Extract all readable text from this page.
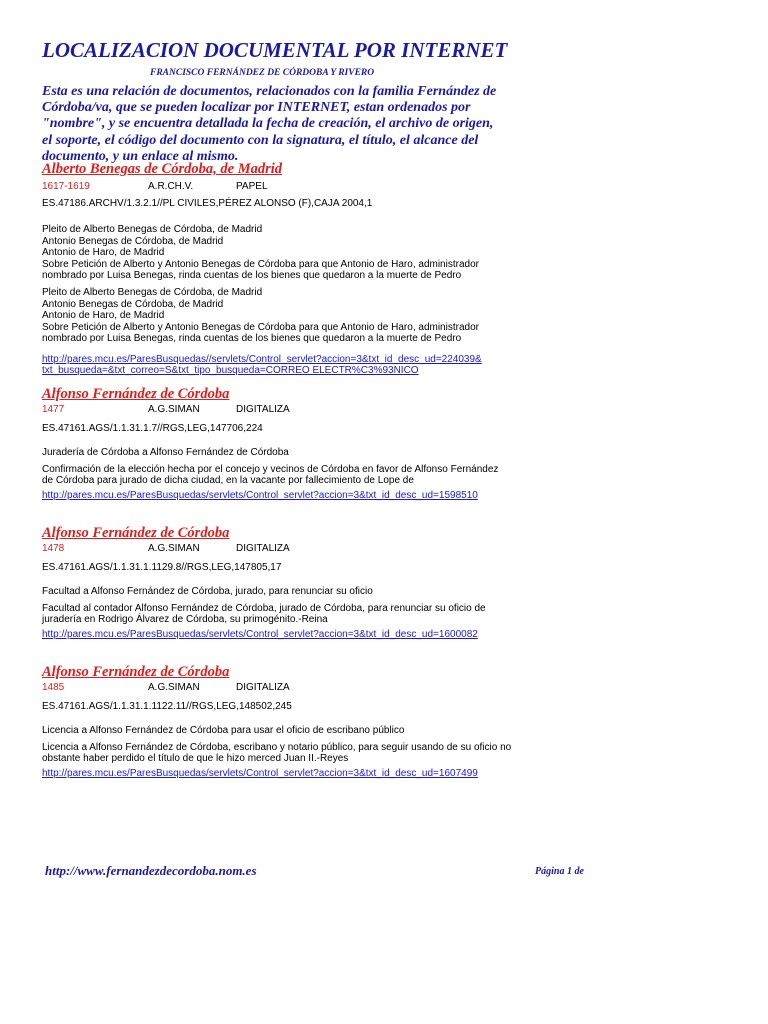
LOCALIZACION DOCUMENTAL POR INTERNET
FRANCISCO FERNÁNDEZ DE CÓRDOBA Y RIVERO

Esta es una relación de documentos, relacionados con la familia Fernández de Córdoba/va, que se pueden localizar por INTERNET, estan ordenados por "nombre", y se encuentra detallada la fecha de creación, el archivo de origen, el soporte, el código del documento con la signatura, el título, el alcance del documento, y un enlace al mismo.

Alberto Benegas de Córdoba, de Madrid
1617-1619	A.R.CH.V.	PAPEL
ES.47186.ARCHV/1.3.2.1//PL CIVILES,PÉREZ ALONSO (F),CAJA 2004,1

Pleito de Alberto Benegas de Córdoba, de Madrid
Antonio Benegas de Córdoba, de Madrid
Antonio de Haro, de Madrid
Sobre Petición de Alberto y Antonio Benegas de Córdoba para que Antonio de Haro, administrador nombrado por Luisa Benegas, rinda cuentas de los bienes que quedaron a la muerte de Pedro

Pleito de Alberto Benegas de Córdoba, de Madrid
Antonio Benegas de Córdoba, de Madrid
Antonio de Haro, de Madrid
Sobre Petición de Alberto y Antonio Benegas de Córdoba para que Antonio de Haro, administrador nombrado por Luisa Benegas, rinda cuentas de los bienes que quedaron a la muerte de Pedro

http://pares.mcu.es/ParesBusquedas//servlets/Control_servlet?accion=3&txt_id_desc_ud=224039&
txt_busqueda=&txt_correo=S&txt_tipo_busqueda=CORREO ELECTR%C3%93NICO
Alfonso Fernández de Córdoba
1477	A.G.SIMAN	DIGITALIZA
ES.47161.AGS/1.1.31.1.7//RGS,LEG,147706,224

Juradería de Córdoba a Alfonso Fernández de Córdoba

Confirmación de la elección hecha por el concejo y vecinos de Córdoba en favor de Alfonso Fernández de Córdoba para jurado de dicha ciudad, en la vacante por fallecimiento de Lope de

http://pares.mcu.es/ParesBusquedas/servlets/Control_servlet?accion=3&txt_id_desc_ud=1598510
Alfonso Fernández de Córdoba
1478	A.G.SIMAN	DIGITALIZA
ES.47161.AGS/1.1.31.1.1129.8//RGS,LEG,147805,17

Facultad a Alfonso Fernández de Córdoba, jurado, para renunciar su oficio

Facultad al contador Alfonso Fernández de Córdoba, jurado de Córdoba, para renunciar su oficio de juradería en Rodrigo Álvarez de Córdoba, su primogénito.-Reina

http://pares.mcu.es/ParesBusquedas/servlets/Control_servlet?accion=3&txt_id_desc_ud=1600082
Alfonso Fernández de Córdoba
1485	A.G.SIMAN	DIGITALIZA
ES.47161.AGS/1.1.31.1.1122.11//RGS,LEG,148502,245

Licencia a Alfonso Fernández de Córdoba para usar el oficio de escribano público

Licencia a Alfonso Fernández de Córdoba, escribano y notario público, para seguir usando de su oficio no obstante haber perdido el título de que le hizo merced Juan II.-Reyes

http://pares.mcu.es/ParesBusquedas/servlets/Control_servlet?accion=3&txt_id_desc_ud=1607499
http://www.fernandezdecordoba.nom.es	Página 1 de
